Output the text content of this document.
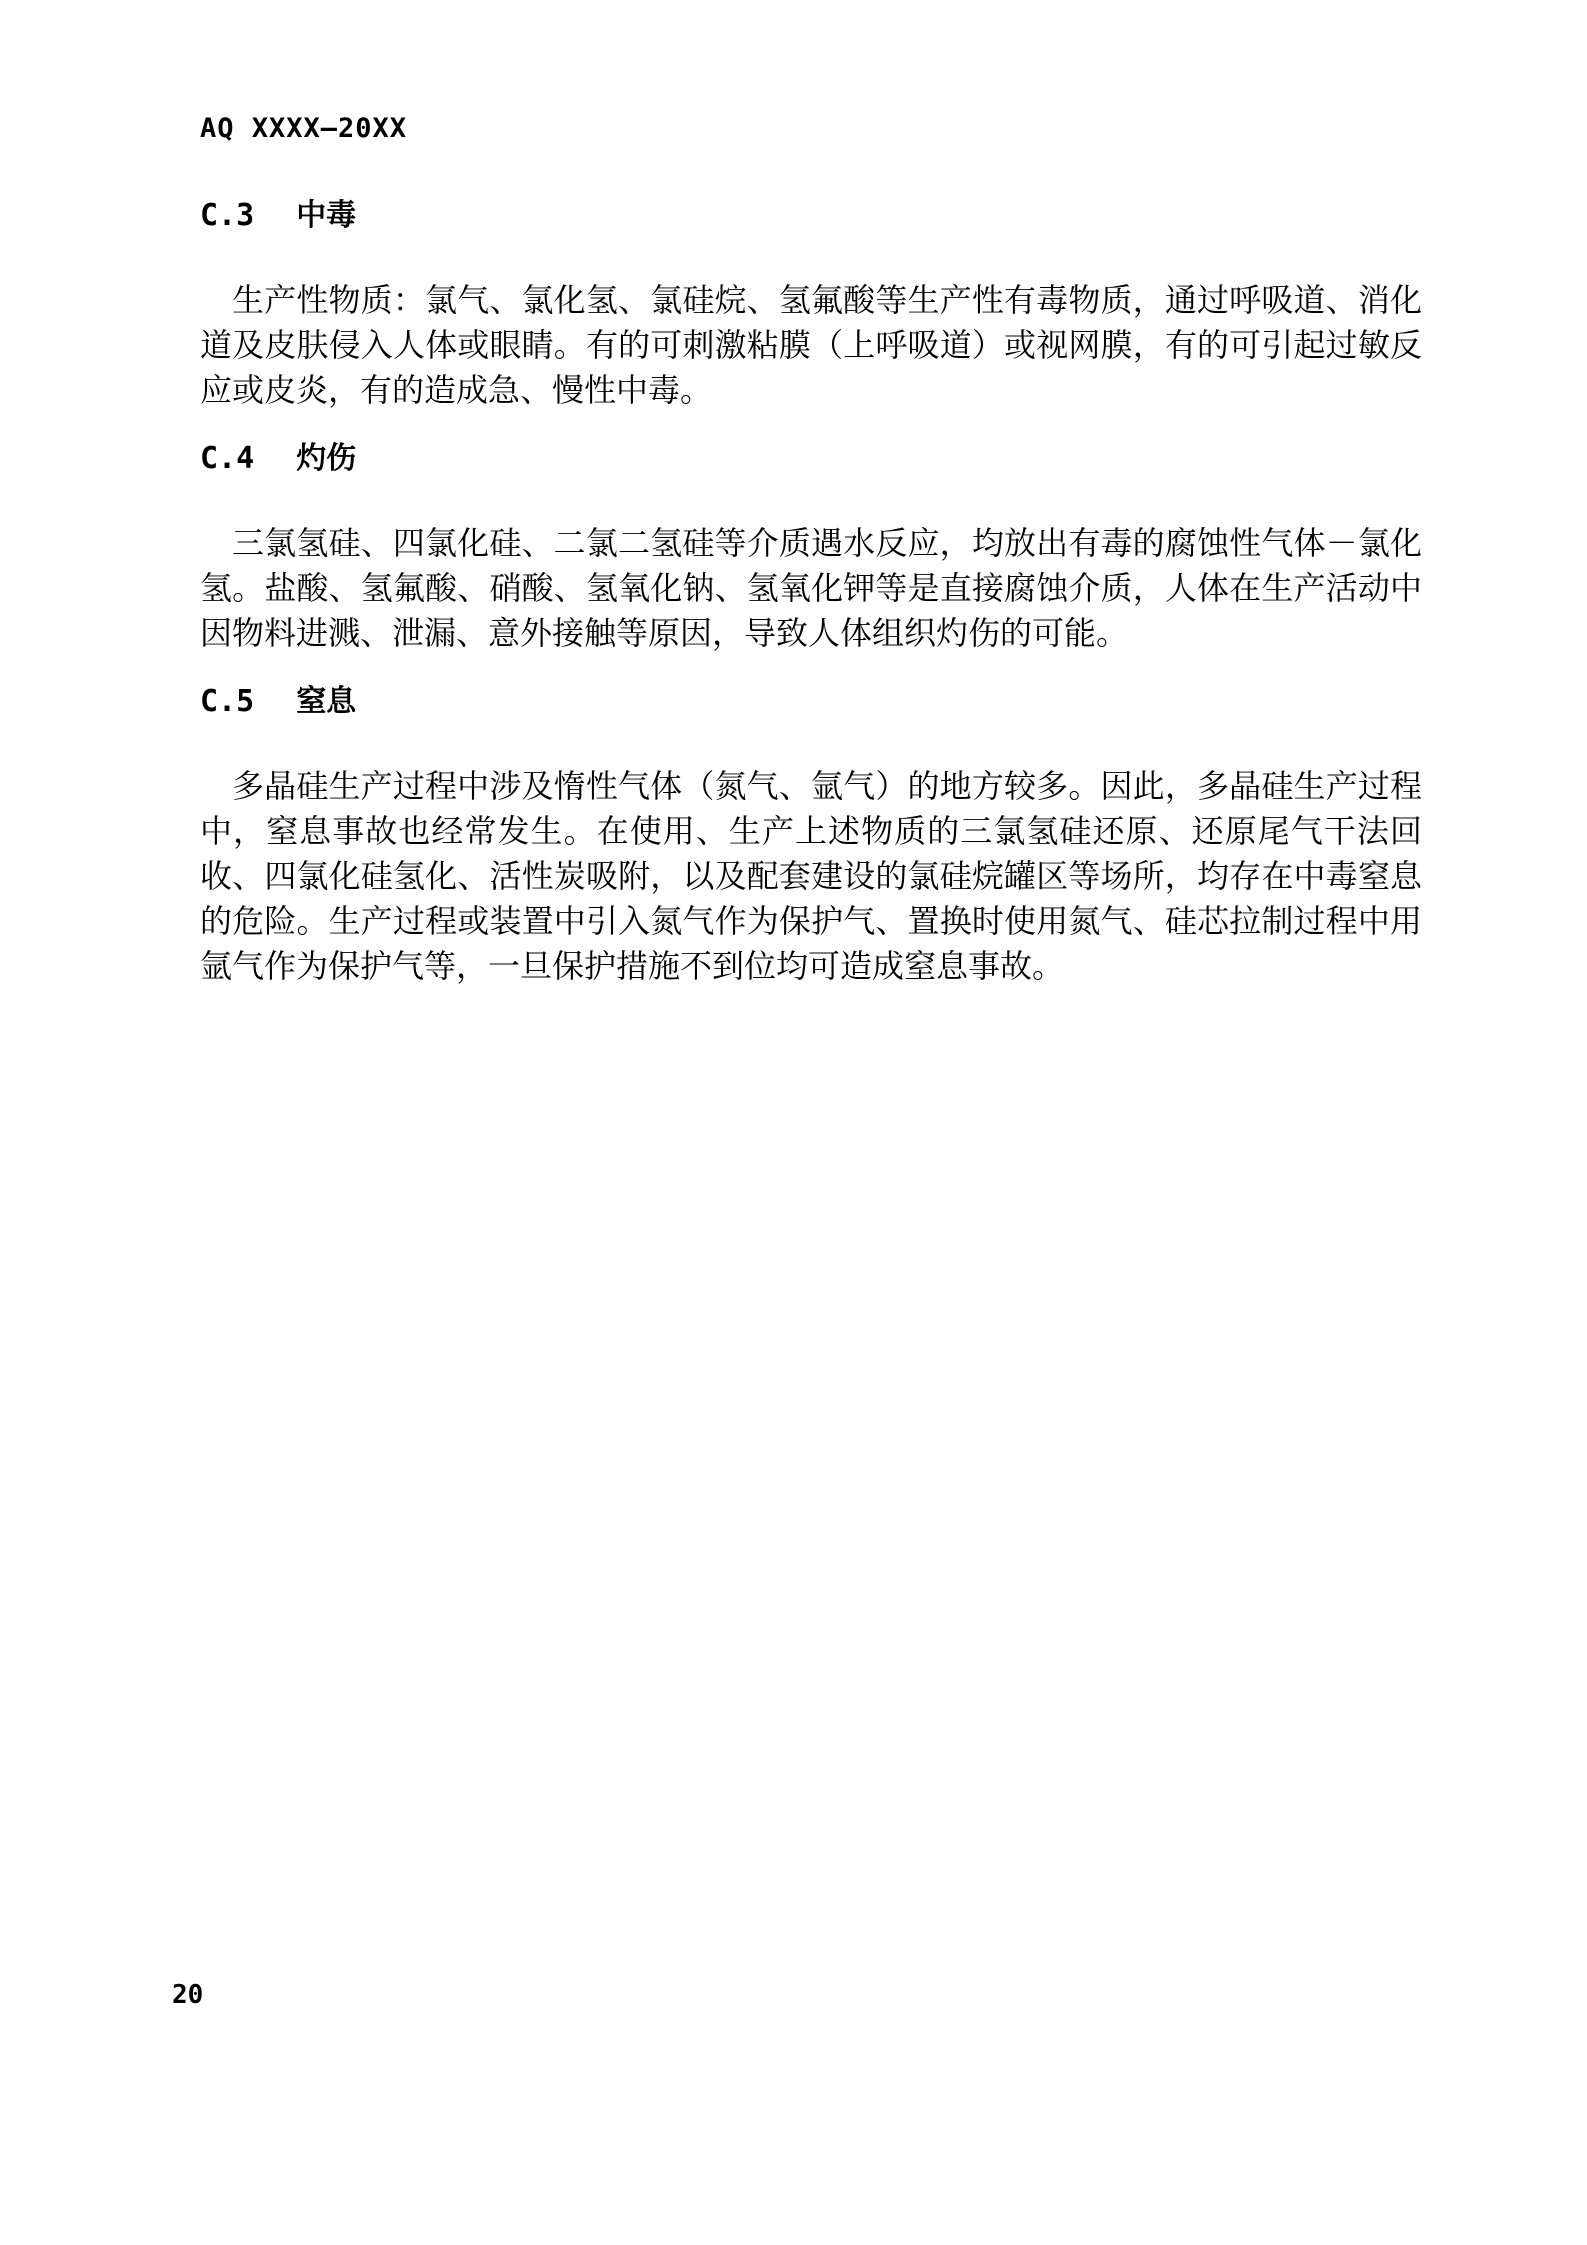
AQ XXXX—20XX
C.3 中毒

生产性物质：氯气、氯化氢、氯硅烷、氢氟酸等生产性有毒物质，通过呼吸道、消化道及皮肤侵入人体或眼睛。有的可刺激粘膜（上呼吸道）或视网膜，有的可引起过敏反应或皮炎，有的造成急、慢性中毒。

C.4 灼伤

三氯氢硅、四氯化硅、二氯二氢硅等介质遇水反应，均放出有毒的腐蚀性气体－氯化氢。盐酸、氢氟酸、硝酸、氢氧化钠、氢氧化钾等是直接腐蚀介质，人体在生产活动中因物料进溅、泄漏、意外接触等原因，导致人体组织灼伤的可能。

C.5 窒息

多晶硅生产过程中涉及惰性气体（氮气、氩气）的地方较多。因此，多晶硅生产过程中，窒息事故也经常发生。在使用、生产上述物质的三氯氢硅还原、还原尾气干法回收、四氯化硅氢化、活性炭吸附，以及配套建设的氯硅烷罐区等场所，均存在中毒窒息的危险。生产过程或装置中引入氮气作为保护气、置换时使用氮气、硅芯拉制过程中用氩气作为保护气等，一旦保护措施不到位均可造成窒息事故。

20
